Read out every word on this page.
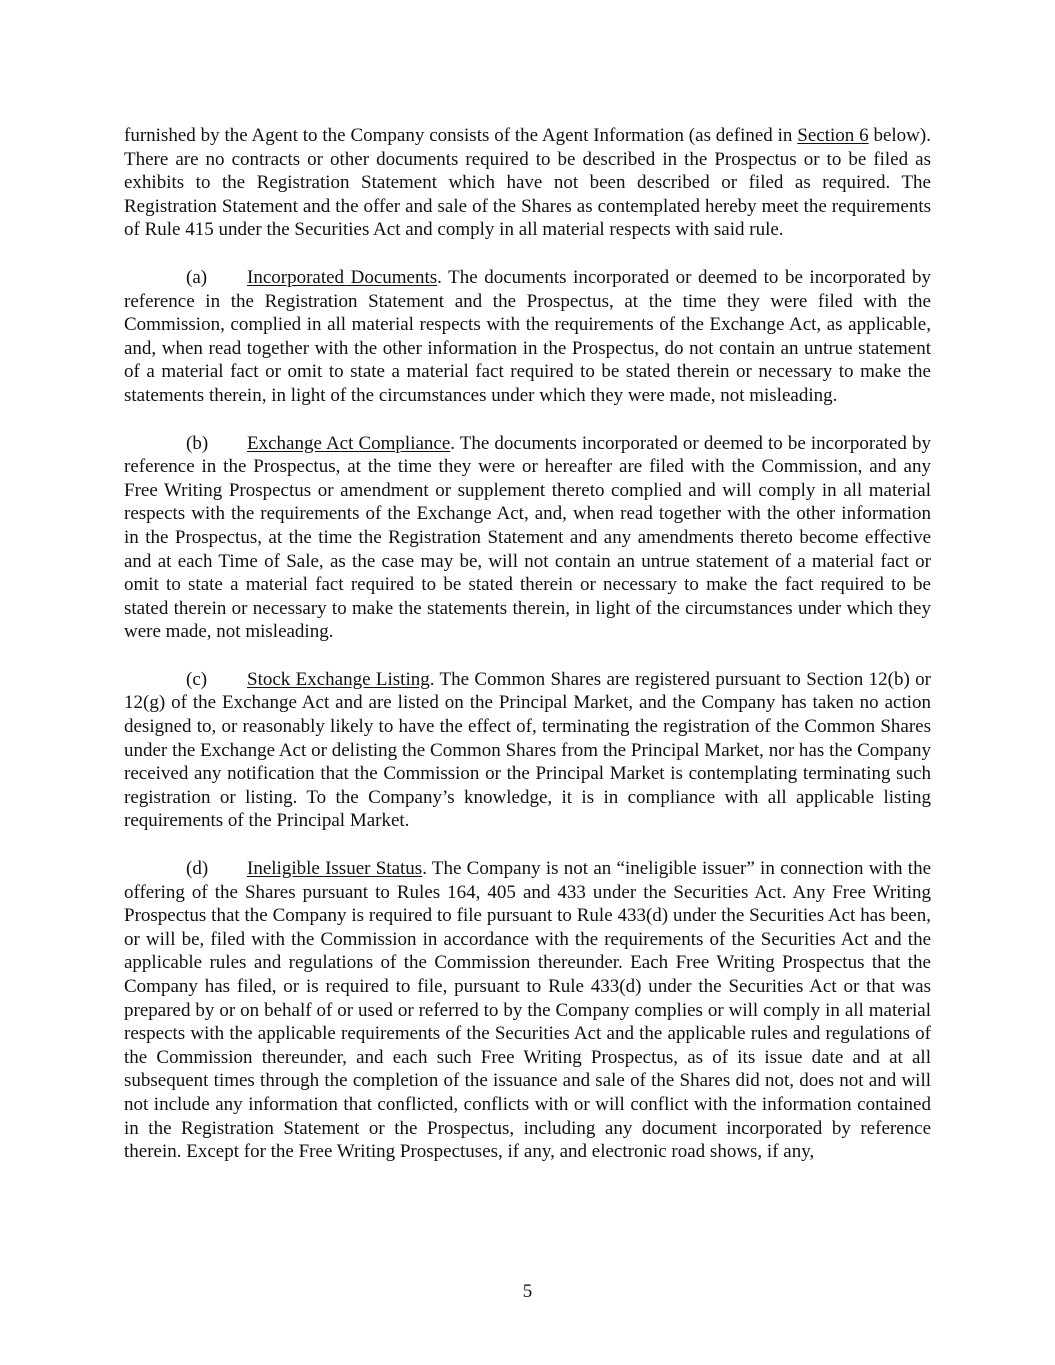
furnished by the Agent to the Company consists of the Agent Information (as defined in Section 6 below). There are no contracts or other documents required to be described in the Prospectus or to be filed as exhibits to the Registration Statement which have not been described or filed as required. The Registration Statement and the offer and sale of the Shares as contemplated hereby meet the requirements of Rule 415 under the Securities Act and comply in all material respects with said rule.

(a) Incorporated Documents. The documents incorporated or deemed to be incorporated by reference in the Registration Statement and the Prospectus, at the time they were filed with the Commission, complied in all material respects with the requirements of the Exchange Act, as applicable, and, when read together with the other information in the Prospectus, do not contain an untrue statement of a material fact or omit to state a material fact required to be stated therein or necessary to make the statements therein, in light of the circumstances under which they were made, not misleading.

(b) Exchange Act Compliance. The documents incorporated or deemed to be incorporated by reference in the Prospectus, at the time they were or hereafter are filed with the Commission, and any Free Writing Prospectus or amendment or supplement thereto complied and will comply in all material respects with the requirements of the Exchange Act, and, when read together with the other information in the Prospectus, at the time the Registration Statement and any amendments thereto become effective and at each Time of Sale, as the case may be, will not contain an untrue statement of a material fact or omit to state a material fact required to be stated therein or necessary to make the fact required to be stated therein or necessary to make the statements therein, in light of the circumstances under which they were made, not misleading.

(c) Stock Exchange Listing. The Common Shares are registered pursuant to Section 12(b) or 12(g) of the Exchange Act and are listed on the Principal Market, and the Company has taken no action designed to, or reasonably likely to have the effect of, terminating the registration of the Common Shares under the Exchange Act or delisting the Common Shares from the Principal Market, nor has the Company received any notification that the Commission or the Principal Market is contemplating terminating such registration or listing. To the Company’s knowledge, it is in compliance with all applicable listing requirements of the Principal Market.

(d) Ineligible Issuer Status. The Company is not an “ineligible issuer” in connection with the offering of the Shares pursuant to Rules 164, 405 and 433 under the Securities Act. Any Free Writing Prospectus that the Company is required to file pursuant to Rule 433(d) under the Securities Act has been, or will be, filed with the Commission in accordance with the requirements of the Securities Act and the applicable rules and regulations of the Commission thereunder. Each Free Writing Prospectus that the Company has filed, or is required to file, pursuant to Rule 433(d) under the Securities Act or that was prepared by or on behalf of or used or referred to by the Company complies or will comply in all material respects with the applicable requirements of the Securities Act and the applicable rules and regulations of the Commission thereunder, and each such Free Writing Prospectus, as of its issue date and at all subsequent times through the completion of the issuance and sale of the Shares did not, does not and will not include any information that conflicted, conflicts with or will conflict with the information contained in the Registration Statement or the Prospectus, including any document incorporated by reference therein. Except for the Free Writing Prospectuses, if any, and electronic road shows, if any,

5
